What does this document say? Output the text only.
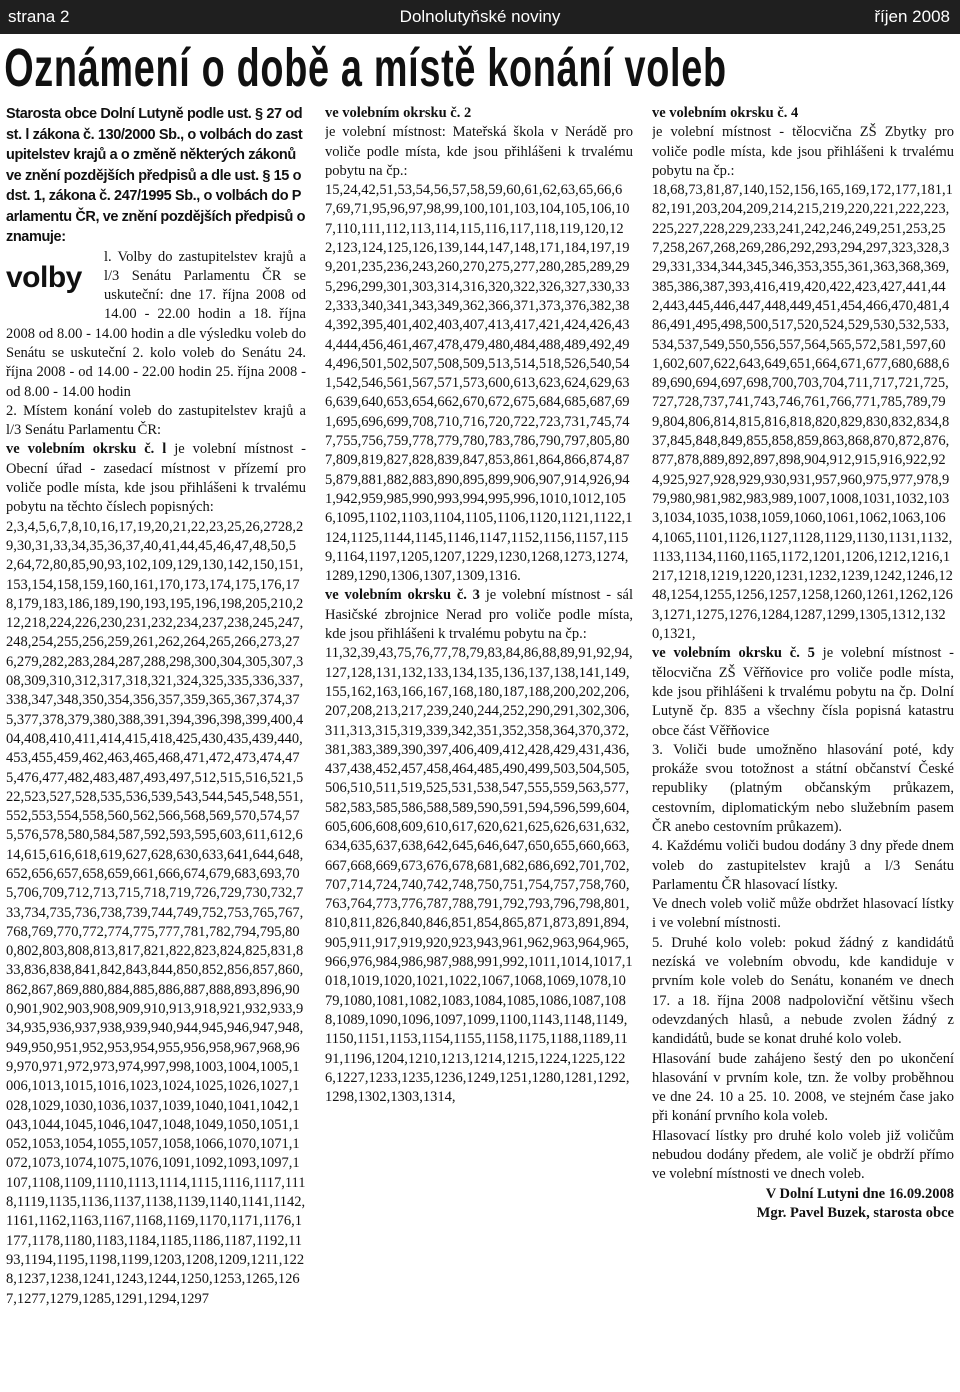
strana 2	Dolnolutyňské noviny	říjen 2008
Oznámení o době a místě konání voleb

Starosta obce Dolní Lutyně podle ust. § 27 odst. l zákona č. 130/2000 Sb., o volbách do zastupitelstev krajů a o změně některých zákonů ve znění pozdějších předpisů a dle ust. § 15 odst. 1, zákona č. 247/1995 Sb., o volbách do Parlamentu ČR, ve znění pozdějších předpisů oznamuje:

volby
l. Volby do zastupitelstev krajů a l/3 Senátu Parlamentu ČR se uskuteční: dne 17. října 2008 od 14.00 - 22.00 hodin a 18. října 2008 od 8.00 - 14.00 hodin a dle výsledku voleb do Senátu se uskuteční 2. kolo voleb do Senátu 24. října 2008 - od 14.00 - 22.00 hodin 25. října 2008 - od 8.00 - 14.00 hodin

2. Místem konání voleb do zastupitelstev krajů a l/3 Senátu Parlamentu ČR:

ve volebním okrsku č. l je volební místnost - Obecní úřad - zasedací místnost v přízemí pro voliče podle místa, kde jsou přihlášeni k trvalému pobytu na těchto číslech popisných:

2,3,4,5,6,7,8,10,16,17,19,20,21,22,23,25,26,2728,29,30,31,33,34,35,36,37,40,41,44,45,46,47,48,50,52,64,72,80,85,90,93,102,109,129,130,142,150,151,153,154,158,159,160,161,170,173,174,175,176,178,179,183,186,189,190,193,195,196,198,205,210,212,218,224,226,230,231,232,234,237,238,245,247,248,254,255,256,259,261,262,264,265,266,273,276,279,282,283,284,287,288,298,300,304,305,307,308,309,310,312,317,318,321,324,325,335,336,337,338,347,348,350,354,356,357,359,365,367,374,375,377,378,379,380,388,391,394,396,398,399,400,404,408,410,411,414,415,418,425,430,435,439,440,453,455,459,462,463,465,468,471,472,473,474,475,476,477,482,483,487,493,497,512,515,516,521,522,523,527,528,535,536,539,543,544,545,548,551,552,553,554,558,560,562,566,568,569,570,574,575,576,578,580,584,587,592,593,595,603,611,612,614,615,616,618,619,627,628,630,633,641,644,648,652,656,657,658,659,661,666,674,679,683,693,705,706,709,712,713,715,718,719,726,729,730,732,733,734,735,736,738,739,744,749,752,753,765,767,768,769,770,772,774,775,777,781,782,794,795,800,802,803,808,813,817,821,822,823,824,825,831,833,836,838,841,842,843,844,850,852,856,857,860,862,867,869,880,884,885,886,887,888,893,896,900,901,902,903,908,909,910,913,918,921,932,933,934,935,936,937,938,939,940,944,945,946,947,948,949,950,951,952,953,954,955,956,958,967,968,969,970,971,972,973,974,997,998,1003,1004,1005,1006,1013,1015,1016,1023,1024,1025,1026,1027,1028,1029,1030,1036,1037,1039,1040,1041,1042,1043,1044,1045,1046,1047,1048,1049,1050,1051,1052,1053,1054,1055,1057,1058,1066,1070,1071,1072,1073,1074,1075,1076,1091,1092,1093,1097,1107,1108,1109,1110,1113,1114,1115,1116,1117,1118,1119,1135,1136,1137,1138,1139,1140,1141,1142,1161,1162,1163,1167,1168,1169,1170,1171,1176,1177,1178,1180,1183,1184,1185,1186,1187,1192,1193,1194,1195,1198,1199,1203,1208,1209,1211,1228,1237,1238,1241,1243,1244,1250,1253,1265,1267,1277,1279,1285,1291,1294,1297

ve volebním okrsku č. 2

je volební místnost: Mateřská škola v Nerádě pro voliče podle místa, kde jsou přihlášeni k trvalému pobytu na čp.:

15,24,42,51,53,54,56,57,58,59,60,61,62,63,65,66,67,69,71,95,96,97,98,99,100,101,103,104,105,106,107,110,111,112,113,114,115,116,117,118,119,120,122,123,124,125,126,139,144,147,148,171,184,197,199,201,235,236,243,260,270,275,277,280,285,289,295,296,299,301,303,314,316,320,322,326,327,330,332,333,340,341,343,349,362,366,371,373,376,382,384,392,395,401,402,403,407,413,417,421,424,426,434,444,456,461,467,478,479,480,484,488,489,492,494,496,501,502,507,508,509,513,514,518,526,540,541,542,546,561,567,571,573,600,613,623,624,629,636,639,640,653,654,662,670,672,675,684,685,687,691,695,696,699,708,710,716,720,722,723,731,745,747,755,756,759,778,779,780,783,786,790,797,805,807,809,819,827,828,839,847,853,861,864,866,874,875,879,881,882,883,890,895,899,906,907,914,926,941,942,959,985,990,993,994,995,996,1010,1012,1056,1095,1102,1103,1104,1105,1106,1120,1121,1122,1124,1125,1144,1145,1146,1147,1152,1156,1157,1159,1164,1197,1205,1207,1229,1230,1268,1273,1274,1289,1290,1306,1307,1309,1316.

ve volebním okrsku č. 3 je volební místnost - sál Hasičské zbrojnice Nerad pro voliče podle místa, kde jsou přihlášeni k trvalému pobytu na čp.:

11,32,39,43,75,76,77,78,79,83,84,86,88,89,91,92,94,127,128,131,132,133,134,135,136,137,138,141,149,155,162,163,166,167,168,180,187,188,200,202,206,207,208,213,217,239,240,244,252,290,291,302,306,311,313,315,319,339,342,351,352,358,364,370,372,381,383,389,390,397,406,409,412,428,429,431,436,437,438,452,457,458,464,485,490,499,503,504,505,506,510,511,519,525,531,538,547,555,559,563,577,582,583,585,586,588,589,590,591,594,596,599,604,605,606,608,609,610,617,620,621,625,626,631,632,634,635,637,638,642,645,646,647,650,655,660,663,667,668,669,673,676,678,681,682,686,692,701,702,707,714,724,740,742,748,750,751,754,757,758,760,763,764,773,776,787,788,791,792,793,796,798,801,810,811,826,840,846,851,854,865,871,873,891,894,905,911,917,919,920,923,943,961,962,963,964,965,966,976,984,986,987,988,991,992,1011,1014,1017,1018,1019,1020,1021,1022,1067,1068,1069,1078,1079,1080,1081,1082,1083,1084,1085,1086,1087,1088,1089,1090,1096,1097,1099,1100,1143,1148,1149,1150,1151,1153,1154,1155,1158,1175,1188,1189,1191,1196,1204,1210,1213,1214,1215,1224,1225,1226,1227,1233,1235,1236,1249,1251,1280,1281,1292,1298,1302,1303,1314,

ve volebním okrsku č. 4

je volební místnost - tělocvična ZŠ Zbytky pro voliče podle místa, kde jsou přihlášeni k trvalému pobytu na čp.:

18,68,73,81,87,140,152,156,165,169,172,177,181,182,191,203,204,209,214,215,219,220,221,222,223,225,227,228,229,233,241,242,246,249,251,253,257,258,267,268,269,286,292,293,294,297,323,328,329,331,334,344,345,346,353,355,361,363,368,369,385,386,387,393,416,419,420,422,423,427,441,442,443,445,446,447,448,449,451,454,466,470,481,486,491,495,498,500,517,520,524,529,530,532,533,534,537,549,550,556,557,564,565,572,581,597,601,602,607,622,643,649,651,664,671,677,680,688,689,690,694,697,698,700,703,704,711,717,721,725,727,728,737,741,743,746,761,766,771,785,789,799,804,806,814,815,816,818,820,829,830,832,834,837,845,848,849,855,858,859,863,868,870,872,876,877,878,889,892,897,898,904,912,915,916,922,924,925,927,928,929,930,931,957,960,975,977,978,979,980,981,982,983,989,1007,1008,1031,1032,1033,1034,1035,1038,1059,1060,1061,1062,1063,1064,1065,1101,1126,1127,1128,1129,1130,1131,1132,1133,1134,1160,1165,1172,1201,1206,1212,1216,1217,1218,1219,1220,1231,1232,1239,1242,1246,1248,1254,1255,1256,1257,1258,1260,1261,1262,1263,1271,1275,1276,1284,1287,1299,1305,1312,1320,1321,

ve volebním okrsku č. 5 je volební místnost - tělocvična ZŠ Věřňovice pro voliče podle místa, kde jsou přihlášeni k trvalému pobytu na čp. Dolní Lutyně čp. 835 a všechny čísla popisná katastru obce část Věřňovice

3. Voliči bude umožněno hlasování poté, kdy prokáže svou totožnost a státní občanství České republiky (platným občanským průkazem, cestovním, diplomatickým nebo služebním pasem ČR anebo cestovním průkazem).

4. Každému voliči budou dodány 3 dny přede dnem voleb do zastupitelstev krajů a l/3 Senátu Parlamentu ČR hlasovací lístky.

Ve dnech voleb volič může obdržet hlasovací lístky i ve volební místnosti.

5. Druhé kolo voleb: pokud žádný z kandidátů nezíská ve volebním obvodu, kde kandiduje v prvním kole voleb do Senátu, konaném ve dnech 17. a 18. října 2008 nadpoloviční většinu všech odevzdaných hlasů, a nebude zvolen žádný z kandidátů, bude se konat druhé kolo voleb.

Hlasování bude zahájeno šestý den po ukončení hlasování v prvním kole, tzn. že volby proběhnou ve dne 24. 10 a 25. 10. 2008, ve stejném čase jako při konání prvního kola voleb.

Hlasovací lístky pro druhé kolo voleb již voličům nebudou dodány předem, ale volič je obdrží přímo ve volební místnosti ve dnech voleb.

V Dolní Lutyni dne 16.09.2008

Mgr. Pavel Buzek, starosta obce
